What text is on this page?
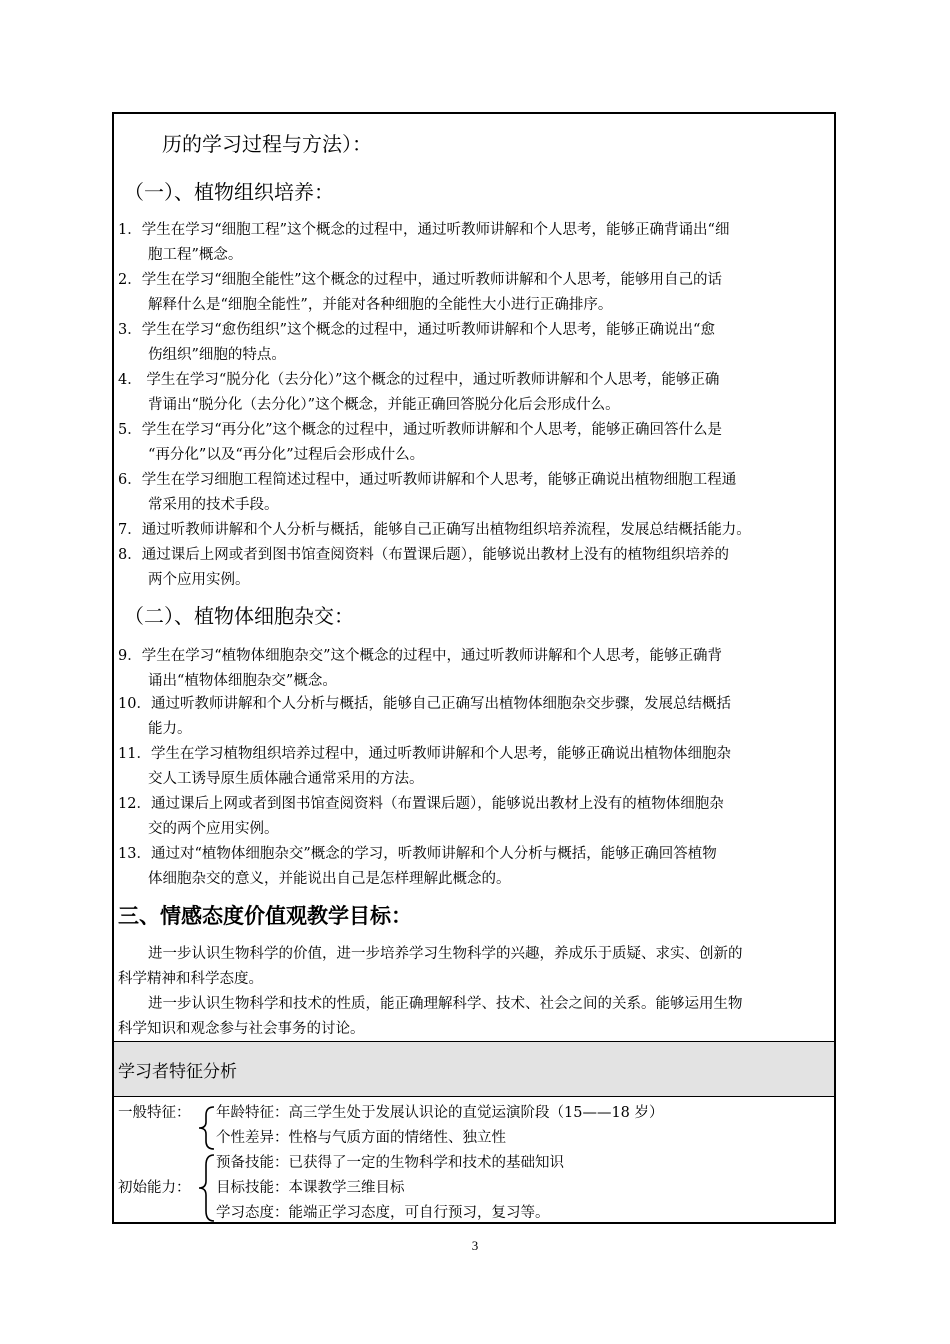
历的学习过程与方法）：
（一）、植物组织培养：
1．学生在学习“细胞工程”这个概念的过程中，通过听教师讲解和个人思考，能够正确背诵出“细
胞工程”概念。
2．学生在学习“细胞全能性”这个概念的过程中，通过听教师讲解和个人思考，能够用自己的话
解释什么是“细胞全能性”，并能对各种细胞的全能性大小进行正确排序。
3．学生在学习“愈伤组织”这个概念的过程中，通过听教师讲解和个人思考，能够正确说出“愈
伤组织”细胞的特点。
4． 学生在学习“脱分化（去分化）”这个概念的过程中，通过听教师讲解和个人思考，能够正确
背诵出“脱分化（去分化）”这个概念，并能正确回答脱分化后会形成什么。
5．学生在学习“再分化”这个概念的过程中，通过听教师讲解和个人思考，能够正确回答什么是
“再分化”以及“再分化”过程后会形成什么。
6．学生在学习细胞工程简述过程中，通过听教师讲解和个人思考，能够正确说出植物细胞工程通
常采用的技术手段。
7．通过听教师讲解和个人分析与概括，能够自己正确写出植物组织培养流程，发展总结概括能力。
8．通过课后上网或者到图书馆查阅资料（布置课后题），能够说出教材上没有的植物组织培养的
两个应用实例。
（二）、植物体细胞杂交：
9．学生在学习“植物体细胞杂交”这个概念的过程中，通过听教师讲解和个人思考，能够正确背
诵出“植物体细胞杂交”概念。
10．通过听教师讲解和个人分析与概括，能够自己正确写出植物体细胞杂交步骤，发展总结概括
能力。
11．学生在学习植物组织培养过程中，通过听教师讲解和个人思考，能够正确说出植物体细胞杂
交人工诱导原生质体融合通常采用的方法。
12．通过课后上网或者到图书馆查阅资料（布置课后题），能够说出教材上没有的植物体细胞杂
交的两个应用实例。
13．通过对“植物体细胞杂交”概念的学习，听教师讲解和个人分析与概括，能够正确回答植物
体细胞杂交的意义，并能说出自己是怎样理解此概念的。
三、情感态度价值观教学目标：
进一步认识生物科学的价值，进一步培养学习生物科学的兴趣，养成乐于质疑、求实、创新的
科学精神和科学态度。
进一步认识生物科学和技术的性质，能正确理解科学、技术、社会之间的关系。能够运用生物
科学知识和观念参与社会事务的讨论。
学习者特征分析
一般特征： 年龄特征：高三学生处于发展认识论的直觉运演阶段（15——18 岁）
个性差异：性格与气质方面的情绪性、独立性
初始能力：
预备技能：已获得了一定的生物科学和技术的基础知识
目标技能：本课教学三维目标
学习态度：能端正学习态度，可自行预习，复习等。
3
